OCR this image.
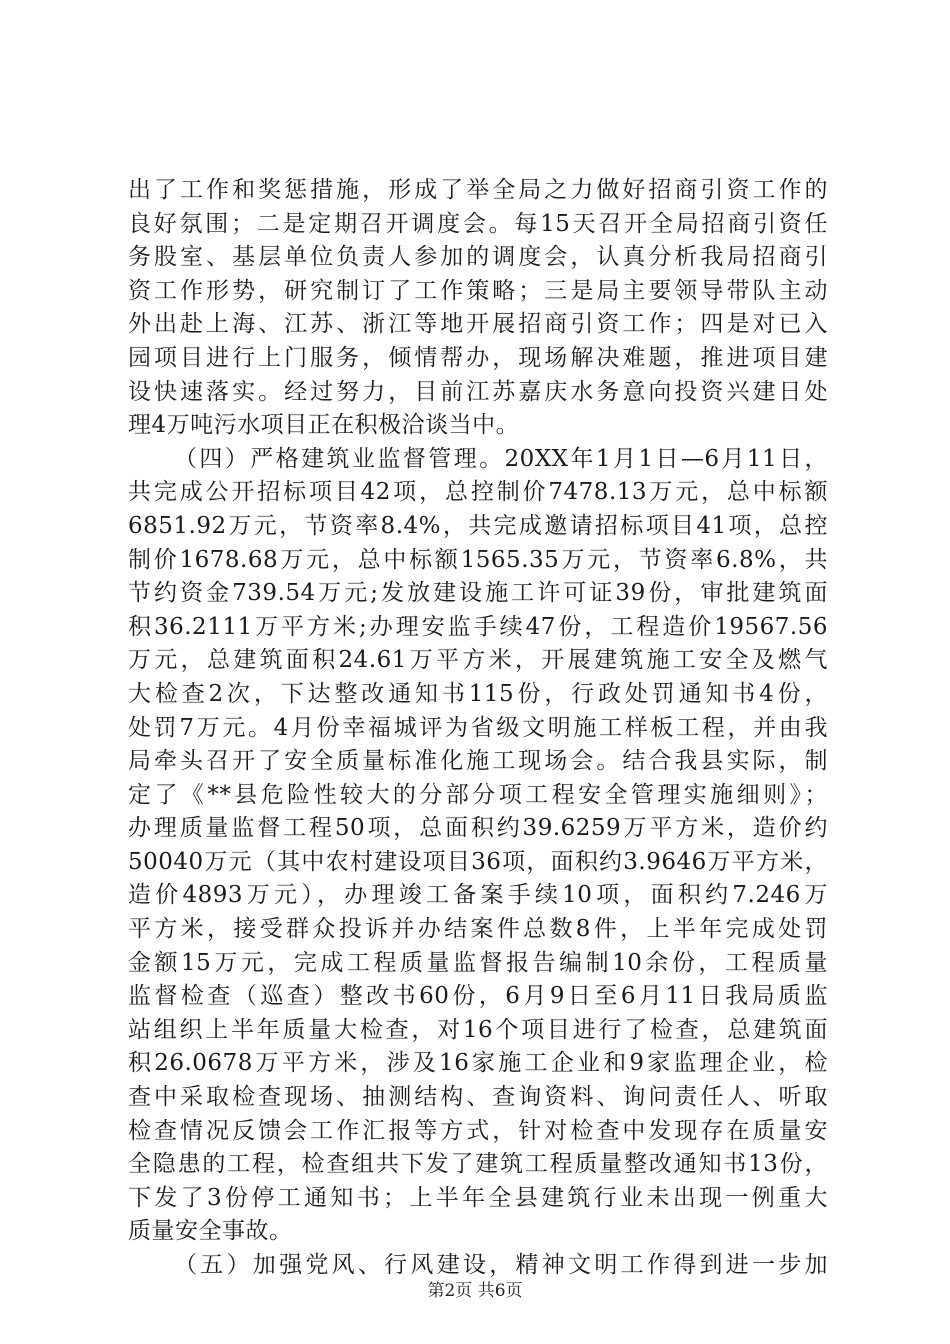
出了工作和奖惩措施，形成了举全局之力做好招商引资工作的
良好氛围；二是定期召开调度会。每15天召开全局招商引资任
务股室、基层单位负责人参加的调度会，认真分析我局招商引
资工作形势，研究制订了工作策略；三是局主要领导带队主动
外出赴上海、江苏、浙江等地开展招商引资工作；四是对已入
园项目进行上门服务，倾情帮办，现场解决难题，推进项目建
设快速落实。经过努力，目前江苏嘉庆水务意向投资兴建日处
理4万吨污水项目正在积极洽谈当中。
（四）严格建筑业监督管理。20XX年1月1日—6月11日，
共完成公开招标项目42项，总控制价7478.13万元，总中标额
6851.92万元，节资率8.4%，共完成邀请招标项目41项，总控
制价1678.68万元，总中标额1565.35万元，节资率6.8%，共
节约资金739.54万元;发放建设施工许可证39份，审批建筑面
积36.2111万平方米;办理安监手续47份，工程造价19567.56
万元，总建筑面积24.61万平方米，开展建筑施工安全及燃气
大检查2次，下达整改通知书115份，行政处罚通知书4份，
处罚7万元。4月份幸福城评为省级文明施工样板工程，并由我
局牵头召开了安全质量标准化施工现场会。结合我县实际，制
定了《**县危险性较大的分部分项工程安全管理实施细则》；
办理质量监督工程50项，总面积约39.6259万平方米，造价约
50040万元（其中农村建设项目36项，面积约3.9646万平方米，
造价4893万元），办理竣工备案手续10项，面积约7.246万
平方米，接受群众投诉并办结案件总数8件，上半年完成处罚
金额15万元，完成工程质量监督报告编制10余份，工程质量
监督检查（巡查）整改书60份，6月9日至6月11日我局质监
站组织上半年质量大检查，对16个项目进行了检查，总建筑面
积26.0678万平方米，涉及16家施工企业和9家监理企业，检
查中采取检查现场、抽测结构、查询资料、询问责任人、听取
检查情况反馈会工作汇报等方式，针对检查中发现存在质量安
全隐患的工程，检查组共下发了建筑工程质量整改通知书13份，
下发了3份停工通知书；上半年全县建筑行业未出现一例重大
质量安全事故。
（五）加强党风、行风建设，精神文明工作得到进一步加
第2页 共6页
